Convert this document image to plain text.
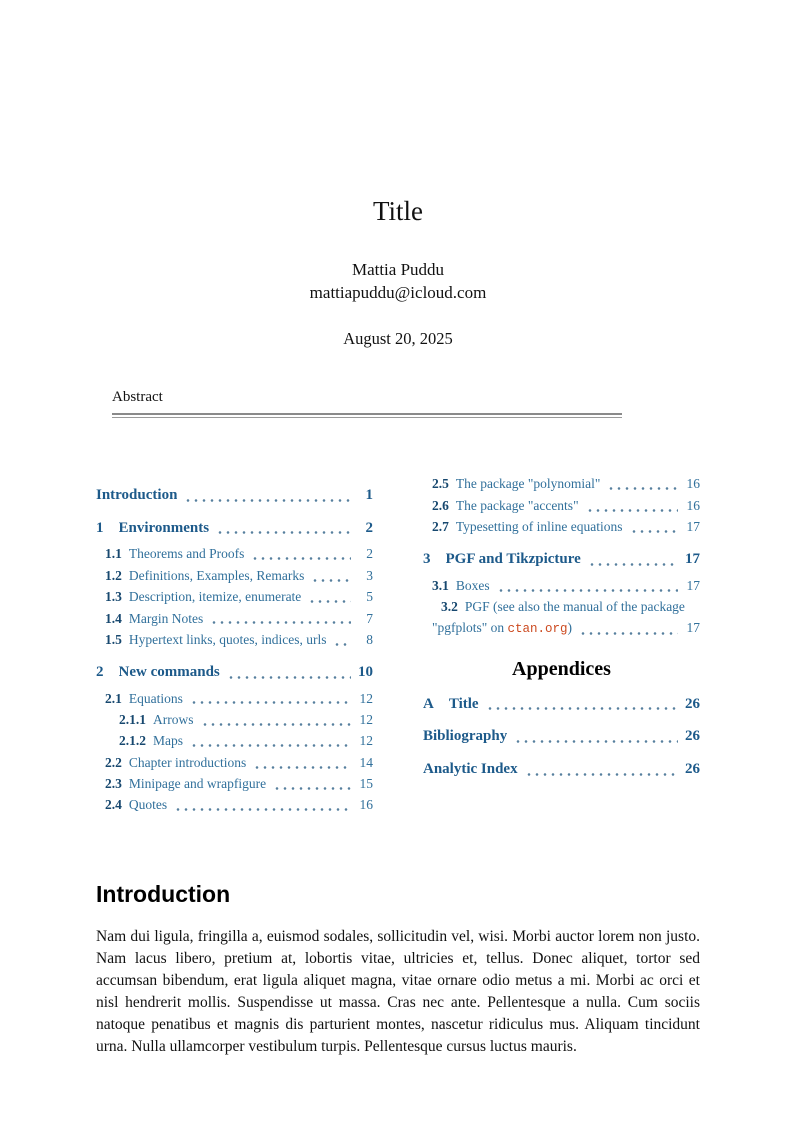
Title
Mattia Puddu
mattiapuddu@icloud.com
August 20, 2025
Abstract
Introduction	1
1 Environments	2
1.1 Theorems and Proofs	2
1.2 Definitions, Examples, Remarks	3
1.3 Description, itemize, enumerate	5
1.4 Margin Notes	7
1.5 Hypertext links, quotes, indices, urls	8
2 New commands	10
2.1 Equations	12
2.1.1 Arrows	12
2.1.2 Maps	12
2.2 Chapter introductions	14
2.3 Minipage and wrapfigure	15
2.4 Quotes	16
2.5 The package "polynomial"	16
2.6 The package "accents"	16
2.7 Typesetting of inline equations	17
3 PGF and Tikzpicture	17
3.1 Boxes	17
3.2 PGF (see also the manual of the package
"pgfplots" on ctan.org)	17
Appendices
A Title	26
Bibliography	26
Analytic Index	26
Introduction

Nam dui ligula, fringilla a, euismod sodales, sollicitudin vel, wisi. Morbi auctor lorem non justo. Nam lacus libero, pretium at, lobortis vitae, ultricies et, tellus. Donec aliquet, tortor sed accumsan bibendum, erat ligula aliquet magna, vitae ornare odio metus a mi. Morbi ac orci et nisl hendrerit mollis. Suspendisse ut massa. Cras nec ante. Pellentesque a nulla. Cum sociis natoque penatibus et magnis dis parturient montes, nascetur ridiculus mus. Aliquam tincidunt urna. Nulla ullamcorper vestibulum turpis. Pellentesque cursus luctus mauris.
